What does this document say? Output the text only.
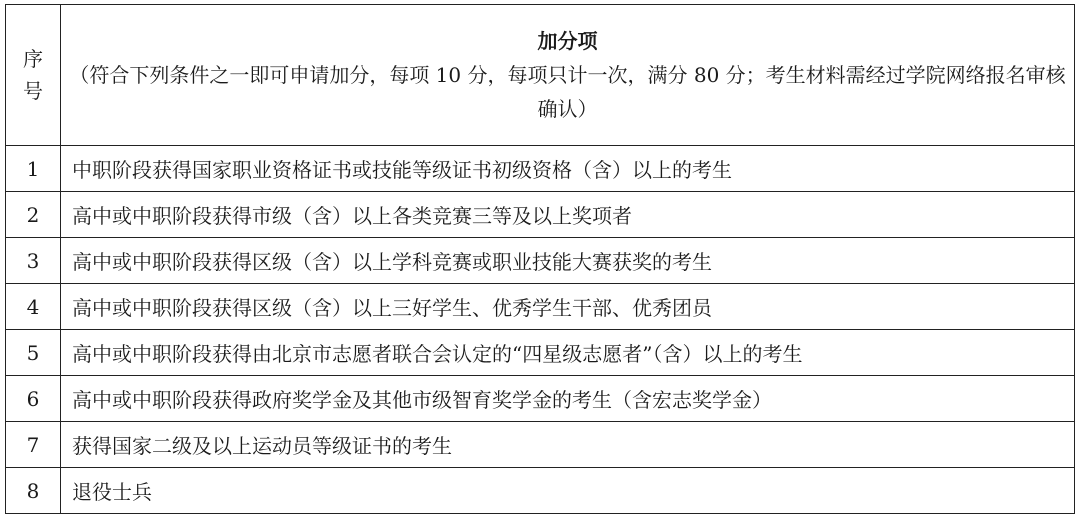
序
号	加分项
（符合下列条件之一即可申请加分，每项 10 分，每项只计一次，满分 80 分；考生材料需经过学院网络报名审核确认）

1	中职阶段获得国家职业资格证书或技能等级证书初级资格（含）以上的考生
2	高中或中职阶段获得市级（含）以上各类竞赛三等及以上奖项者
3	高中或中职阶段获得区级（含）以上学科竞赛或职业技能大赛获奖的考生
4	高中或中职阶段获得区级（含）以上三好学生、优秀学生干部、优秀团员
5	高中或中职阶段获得由北京市志愿者联合会认定的“四星级志愿者”（含）以上的考生
6	高中或中职阶段获得政府奖学金及其他市级智育奖学金的考生（含宏志奖学金）
7	获得国家二级及以上运动员等级证书的考生
8	退役士兵
